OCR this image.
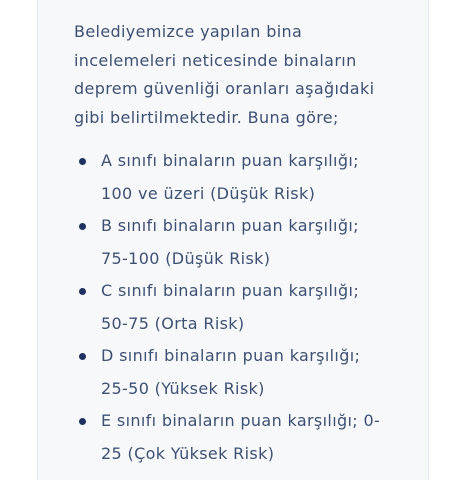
Belediyemizce yapılan bina
incelemeleri neticesinde binaların
deprem güvenliği oranları aşağıdaki
gibi belirtilmektedir. Buna göre;

A sınıfı binaların puan karşılığı;
100 ve üzeri (Düşük Risk)
B sınıfı binaların puan karşılığı;
75-100 (Düşük Risk)
C sınıfı binaların puan karşılığı;
50-75 (Orta Risk)
D sınıfı binaların puan karşılığı;
25-50 (Yüksek Risk)
E sınıfı binaların puan karşılığı; 0-
25 (Çok Yüksek Risk)
